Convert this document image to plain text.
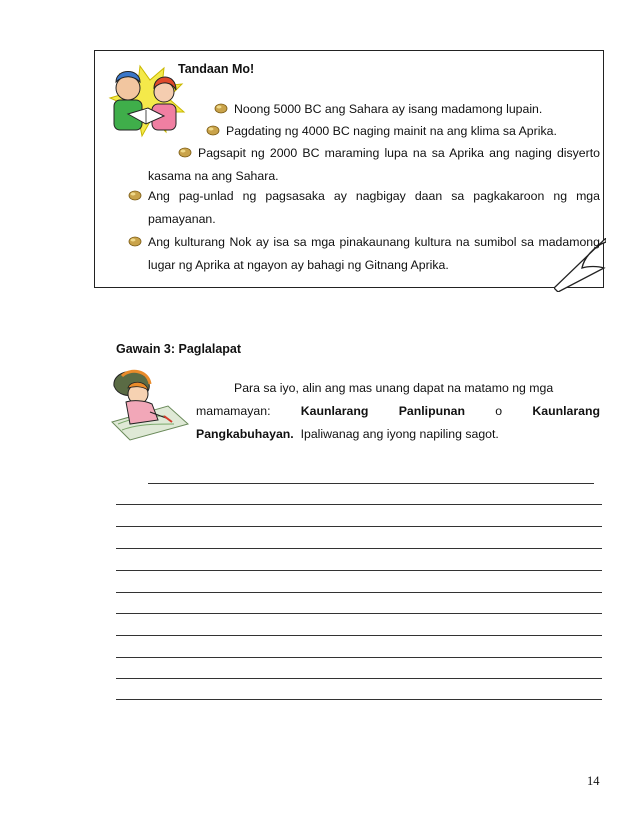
Tandaan Mo!
Noong 5000 BC ang Sahara ay isang madamong lupain.
Pagdating ng 4000 BC naging mainit na ang klima sa Aprika.
Pagsapit ng 2000 BC maraming lupa na sa Aprika ang naging disyerto kasama na ang Sahara.
Ang pag-unlad ng pagsasaka ay nagbigay daan sa pagkakaroon ng mga pamayanan.
Ang kulturang Nok ay isa sa mga pinakaunang kultura na sumibol sa madamong lugar ng Aprika at ngayon ay bahagi ng Gitnang Aprika.
Gawain 3: Paglalapat
Para sa iyo, alin ang mas unang dapat na matamo ng mga
mamamayan: Kaunlarang Panlipunan o Kaunlarang
Pangkabuhayan. Ipaliwanag ang iyong napiling sagot.
14
